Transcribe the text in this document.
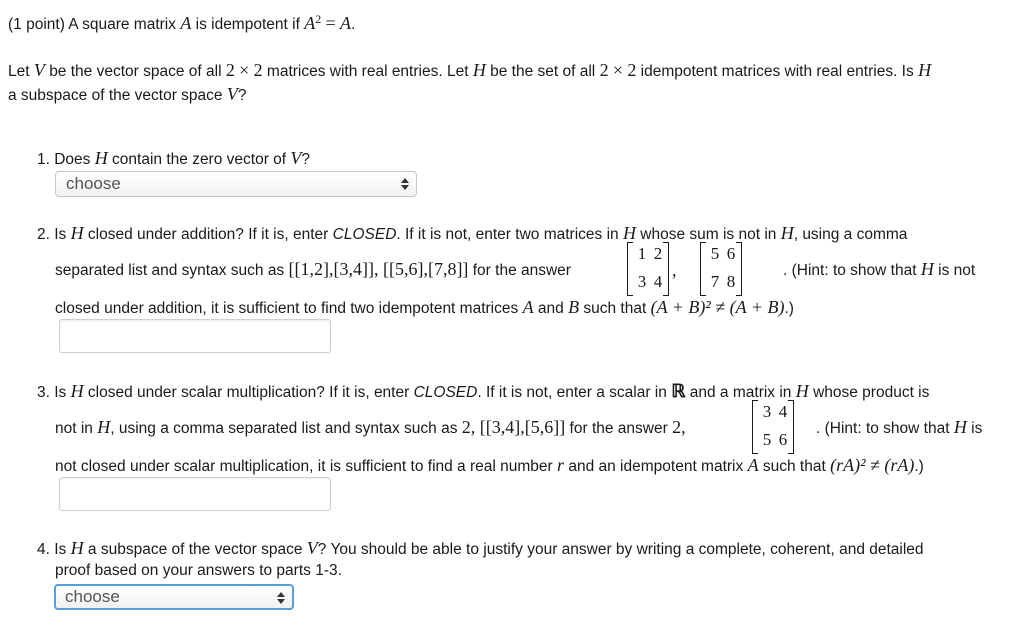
(1 point) A square matrix A is idempotent if $A^2 = A$.
Let V be the vector space of all 2 × 2 matrices with real entries. Let H be the set of all 2 × 2 idempotent matrices with real entries. Is H
a subspace of the vector space V?
1. Does H contain the zero vector of V?
choose
2. Is H closed under addition? If it is, enter CLOSED. If it is not, enter two matrices in H whose sum is not in H, using a comma
separated list and syntax such as [[1,2],[3,4]], [[5,6],[7,8]] for the answer
1 2
3 4
,
5 6
7 8
. (Hint: to show that H is not
closed under addition, it is sufficient to find two idempotent matrices A and B such that (A + B)² ≠ (A + B).)
3. Is H closed under scalar multiplication? If it is, enter CLOSED. If it is not, enter a scalar in ℝ and a matrix in H whose product is
not in H, using a comma separated list and syntax such as 2, [[3,4],[5,6]] for the answer 2,
3 4
5 6
. (Hint: to show that H is
not closed under scalar multiplication, it is sufficient to find a real number r and an idempotent matrix A such that (rA)² ≠ (rA).)
4. Is H a subspace of the vector space V? You should be able to justify your answer by writing a complete, coherent, and detailed
proof based on your answers to parts 1-3.
choose
